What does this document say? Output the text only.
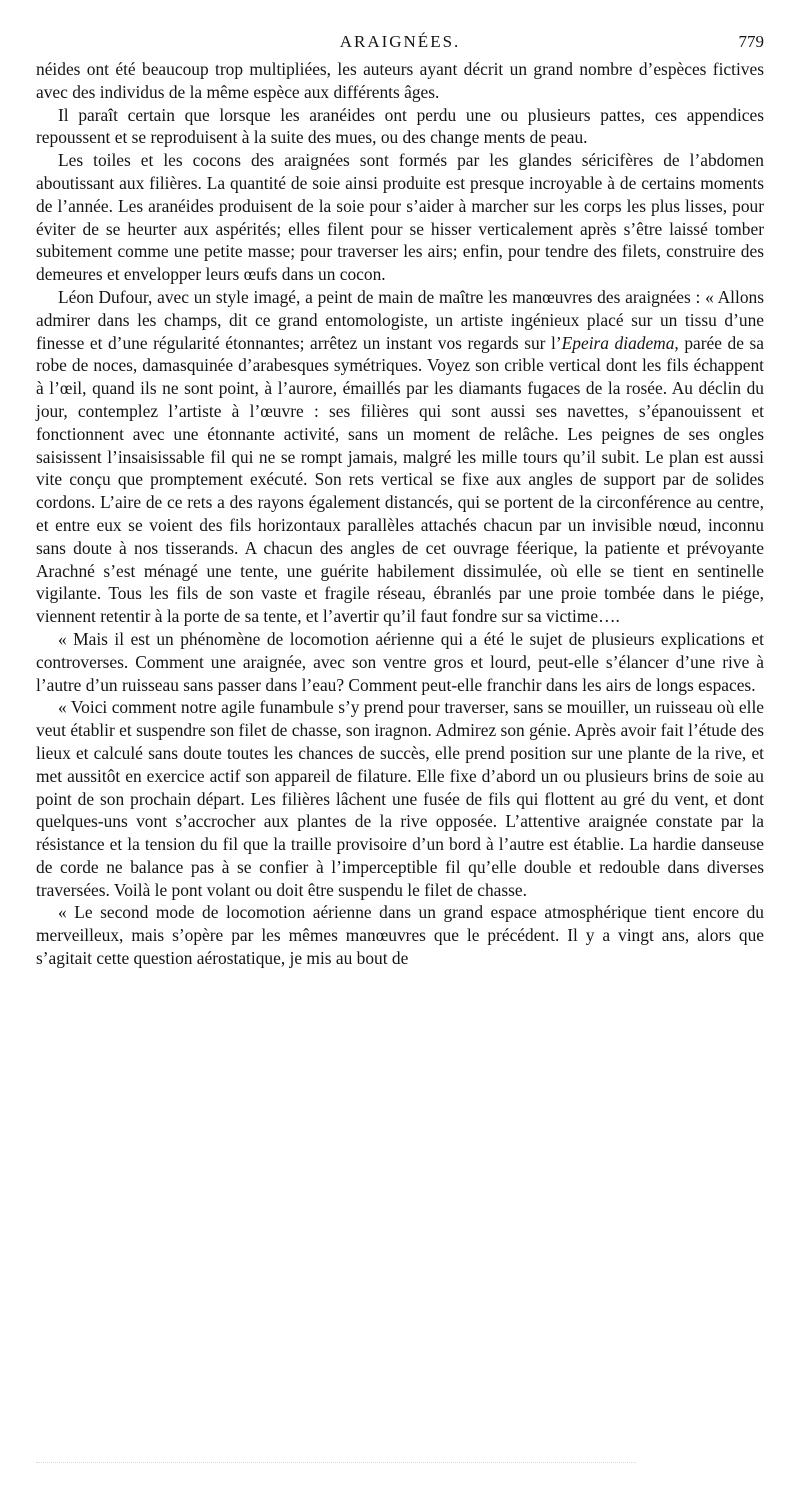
ARAIGNÉES.	779

néides ont été beaucoup trop multipliées, les auteurs ayant décrit un grand nombre d’espèces fictives avec des individus de la même espèce aux différents âges.

Il paraît certain que lorsque les aranéides ont perdu une ou plusieurs pattes, ces appendices repoussent et se reproduisent à la suite des mues, ou des change ments de peau.

Les toiles et les cocons des araignées sont formés par les glandes séricifères de l’abdomen aboutissant aux filières. La quantité de soie ainsi produite est presque incroyable à de certains moments de l’année. Les aranéides produisent de la soie pour s’aider à marcher sur les corps les plus lisses, pour éviter de se heurter aux aspérités; elles filent pour se hisser verticalement après s’être laissé tomber subitement comme une petite masse; pour traverser les airs; enfin, pour tendre des filets, construire des demeures et envelopper leurs œufs dans un cocon.

Léon Dufour, avec un style imagé, a peint de main de maître les manœuvres des araignées : « Allons admirer dans les champs, dit ce grand entomologiste, un artiste ingénieux placé sur un tissu d’une finesse et d’une régularité étonnantes; arrêtez un instant vos regards sur l’Epeira diadema, parée de sa robe de noces, damasquinée d’arabesques symétriques. Voyez son crible vertical dont les fils échappent à l’œil, quand ils ne sont point, à l’aurore, émaillés par les diamants fugaces de la rosée. Au déclin du jour, contemplez l’artiste à l’œuvre : ses filières qui sont aussi ses navettes, s’épanouissent et fonctionnent avec une étonnante activité, sans un moment de relâche. Les peignes de ses ongles saisissent l’insaisissable fil qui ne se rompt jamais, malgré les mille tours qu’il subit. Le plan est aussi vite conçu que promptement exécuté. Son rets vertical se fixe aux angles de support par de solides cordons. L’aire de ce rets a des rayons également distancés, qui se portent de la circonférence au centre, et entre eux se voient des fils horizontaux parallèles attachés chacun par un invisible nœud, inconnu sans doute à nos tisserands. A chacun des angles de cet ouvrage féerique, la patiente et prévoyante Arachné s’est ménagé une tente, une guérite habilement dissimulée, où elle se tient en sentinelle vigilante. Tous les fils de son vaste et fragile réseau, ébranlés par une proie tombée dans le piége, viennent retentir à la porte de sa tente, et l’avertir qu’il faut fondre sur sa victime….

« Mais il est un phénomène de locomotion aérienne qui a été le sujet de plusieurs explications et controverses. Comment une araignée, avec son ventre gros et lourd, peut-elle s’élancer d’une rive à l’autre d’un ruisseau sans passer dans l’eau? Comment peut-elle franchir dans les airs de longs espaces.

« Voici comment notre agile funambule s’y prend pour traverser, sans se mouiller, un ruisseau où elle veut établir et suspendre son filet de chasse, son iragnon. Admirez son génie. Après avoir fait l’étude des lieux et calculé sans doute toutes les chances de succès, elle prend position sur une plante de la rive, et met aussitôt en exercice actif son appareil de filature. Elle fixe d’abord un ou plusieurs brins de soie au point de son prochain départ. Les filières lâchent une fusée de fils qui flottent au gré du vent, et dont quelques-uns vont s’accrocher aux plantes de la rive opposée. L’attentive araignée constate par la résistance et la tension du fil que la traille provisoire d’un bord à l’autre est établie. La hardie danseuse de corde ne balance pas à se confier à l’imperceptible fil qu’elle double et redouble dans diverses traversées. Voilà le pont volant ou doit être suspendu le filet de chasse.

« Le second mode de locomotion aérienne dans un grand espace atmosphérique tient encore du merveilleux, mais s’opère par les mêmes manœuvres que le précédent. Il y a vingt ans, alors que s’agitait cette question aérostatique, je mis au bout de
